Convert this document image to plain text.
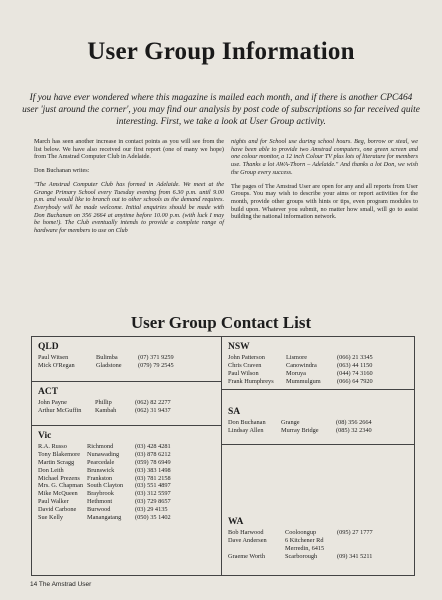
User Group Information
If you have ever wondered where this magazine is mailed each month, and if there is another CPC464 user 'just around the corner', you may find our analysis by post code of subscriptions so far received quite interesting. First, we take a look at User Group activity.

March has seen another increase in contact points as you will see from the list below. We have also received our first report (one of many we hope) from The Amstrad Computer Club in Adelaide.

Don Buchanan writes:

"The Amstrad Computer Club has formed in Adelaide. We meet at the Grange Primary School every Tuesday evening from 6.30 p.m. until 9.00 p.m. and would like to branch out to other schools as the demand requires. Everybody will be made welcome. Initial enquiries should be made with Don Buchanan on 356 2664 at anytime before 10.00 p.m. (with luck I may be home!). The Club eventually intends to provide a complete range of hardware for members to use on Club

nights and for School use during school hours. Beg, borrow or steal, we have been able to provide two Amstrad computers, one green screen and one colour monitor, a 12 inch Colour TV plus lots of literature for members use. Thanks a lot AWA-Thorn – Adelaide." And thanks a lot Don, we wish the Group every success.

The pages of The Amstrad User are open for any and all reports from User Groups. You may wish to describe your aims or report activities for the month, provide other groups with hints or tips, even program modules to build upon. Whatever you submit, no matter how small, will go to assist building the national information network.

User Group Contact List
QLD
Paul Witsen	Bulimba	(07) 371 9259
Mick O'Regan	Gladstone	(079) 79 2545
ACT
John Payne	Phillip	(062) 82 2277
Arthur McGuffin	Kambah	(062) 31 9437
Vic
R.A. Russo	Richmond	(03) 428 4281
Tony Blakemore	Nunawading	(03) 878 6212
Martin Scragg	Pearcedale	(059) 78 6949
Don Leith	Brunswick	(03) 383 1498
Michael Prezens	Frankston	(03) 781 2158
Mrs. G. Chapman South Clayton	(03) 551 4897
Mike McQueen	Braybrook	(03) 312 5597
Paul Walker	Hethmont	(03) 729 8657
David Carbone	Burwood	(03) 29 4135
Sue Kelly	Manangatang	(050) 35 1402
NSW
John Patterson	Lismore	(066) 21 3345
Chris Craven	Canowindra	(063) 44 1150
Paul Wilson	Moruya	(044) 74 3160
Frank Humphreys	Mummulgum	(066) 64 7920
SA
Don Buchanan	Grange	(08) 356 2664
Lindsay Allen	Murray Bridge	(085) 32 2340
WA
Bob Harwood	Cooloongup	(095) 27 1777
Dave Andersen	6 Kitchener Rd
Merredin, 6415
Graeme Worth	Scarborough	(09) 341 5211
14 The Amstrad User
